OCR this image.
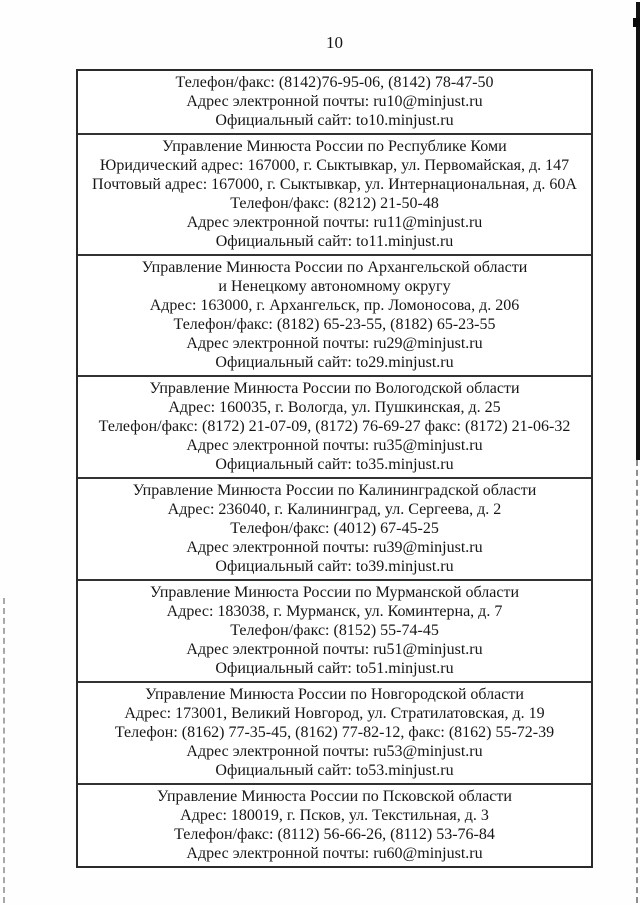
10
Телефон/факс: (8142)76-95-06, (8142) 78-47-50
Адрес электронной почты: ru10@minjust.ru
Официальный сайт: to10.minjust.ru
Управление Минюста России по Республике Коми
Юридический адрес: 167000, г. Сыктывкар, ул. Первомайская, д. 147
Почтовый адрес: 167000, г. Сыктывкар, ул. Интернациональная, д. 60А
Телефон/факс: (8212) 21-50-48
Адрес электронной почты: ru11@minjust.ru
Официальный сайт: to11.minjust.ru
Управление Минюста России по Архангельской области
и Ненецкому автономному округу
Адрес: 163000, г. Архангельск, пр. Ломоносова, д. 206
Телефон/факс: (8182) 65-23-55, (8182) 65-23-55
Адрес электронной почты: ru29@minjust.ru
Официальный сайт: to29.minjust.ru
Управление Минюста России по Вологодской области
Адрес: 160035, г. Вологда, ул. Пушкинская, д. 25
Телефон/факс: (8172) 21-07-09, (8172) 76-69-27 факс: (8172) 21-06-32
Адрес электронной почты: ru35@minjust.ru
Официальный сайт: to35.minjust.ru
Управление Минюста России по Калининградской области
Адрес: 236040, г. Калининград, ул. Сергеева, д. 2
Телефон/факс: (4012) 67-45-25
Адрес электронной почты: ru39@minjust.ru
Официальный сайт: to39.minjust.ru
Управление Минюста России по Мурманской области
Адрес: 183038, г. Мурманск, ул. Коминтерна, д. 7
Телефон/факс: (8152) 55-74-45
Адрес электронной почты: ru51@minjust.ru
Официальный сайт: to51.minjust.ru
Управление Минюста России по Новгородской области
Адрес: 173001, Великий Новгород, ул. Стратилатовская, д. 19
Телефон: (8162) 77-35-45, (8162) 77-82-12, факс: (8162) 55-72-39
Адрес электронной почты: ru53@minjust.ru
Официальный сайт: to53.minjust.ru
Управление Минюста России по Псковской области
Адрес: 180019, г. Псков, ул. Текстильная, д. 3
Телефон/факс: (8112) 56-66-26, (8112) 53-76-84
Адрес электронной почты: ru60@minjust.ru
